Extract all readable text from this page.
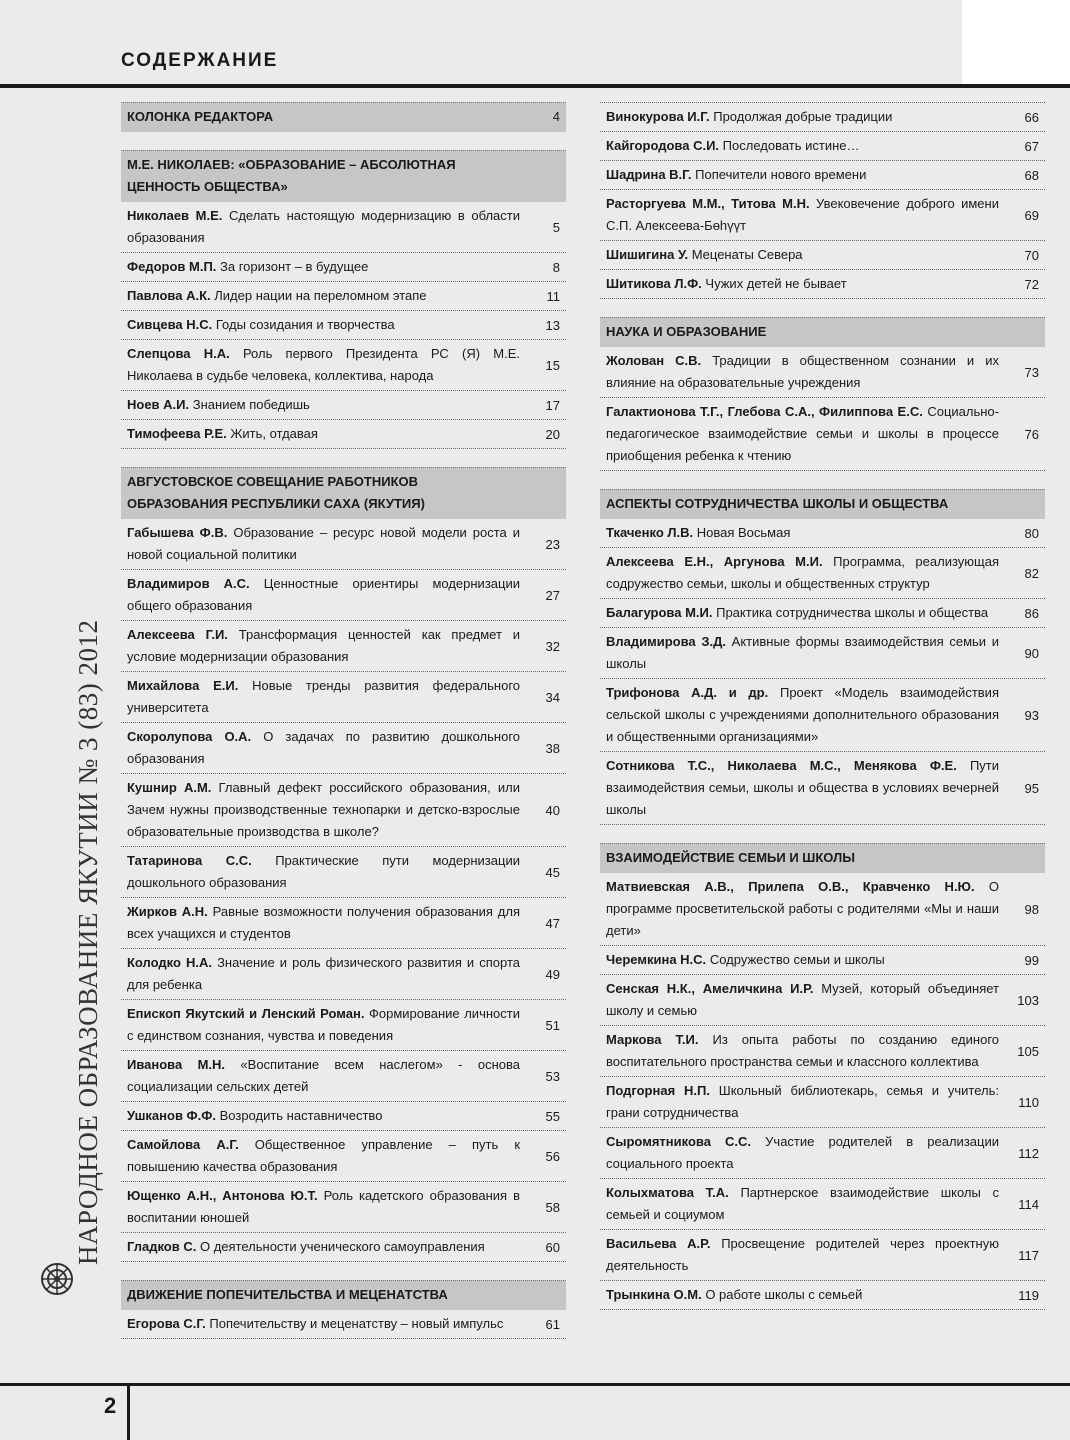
СОДЕРЖАНИЕ
НАРОДНОЕ ОБРАЗОВАНИЕ ЯКУТИИ № 3 (83) 2012
КОЛОНКА РЕДАКТОРА	4
М.Е. НИКОЛАЕВ: «ОБРАЗОВАНИЕ – АБСОЛЮТНАЯ ЦЕННОСТЬ ОБЩЕСТВА»
Николаев М.Е. Сделать настоящую модернизацию в области образования
5
Федоров М.П. За горизонт – в будущее	8
Павлова А.К. Лидер нации на переломном этапе	11
Сивцева Н.С. Годы созидания и творчества	13
Слепцова Н.А. Роль первого Президента РС (Я) М.Е. Николаева в судьбе человека, коллектива, народа
15
Ноев А.И. Знанием победишь	17
Тимофеева Р.Е. Жить, отдавая	20
АВГУСТОВСКОЕ СОВЕЩАНИЕ РАБОТНИКОВ ОБРАЗОВАНИЯ РЕСПУБЛИКИ САХА (ЯКУТИЯ)
Габышева Ф.В. Образование – ресурс новой модели роста и новой социальной политики
23
Владимиров А.С. Ценностные ориентиры модернизации общего образования
27
Алексеева Г.И. Трансформация ценностей как предмет и условие модернизации образования
32
Михайлова Е.И. Новые тренды развития федерального университета
34
Скоролупова О.А. О задачах по развитию дошкольного образования
38
Кушнир А.М. Главный дефект российского образования, или Зачем нужны производственные технопарки и детско-взрослые образовательные производства в школе?
40
Татаринова С.С. Практические пути модернизации дошкольного образования
45
Жирков А.Н. Равные возможности получения образования для всех учащихся и студентов
47
Колодко Н.А. Значение и роль физического развития и спорта для ребенка
49
Епископ Якутский и Ленский Роман. Формирование личности с единством сознания, чувства и поведения
51
Иванова М.Н. «Воспитание всем наслегом» - основа социализации сельских детей
53
Ушканов Ф.Ф. Возродить наставничество	55
Самойлова А.Г. Общественное управление – путь к повышению качества образования
56
Ющенко А.Н., Антонова Ю.Т. Роль кадетского образования в воспитании юношей
58
Гладков С. О деятельности ученического самоуправления	60
ДВИЖЕНИЕ ПОПЕЧИТЕЛЬСТВА И МЕЦЕНАТСТВА
Егорова С.Г. Попечительству и меценатству – новый импульс	61
Винокурова И.Г. Продолжая добрые традиции	66
Кайгородова С.И. Последовать истине…	67
Шадрина В.Г. Попечители нового времени	68
Расторгуева М.М., Титова М.Н. Увековечение доброго имени С.П. Алексеева-Бөһүүт
69
Шишигина У. Меценаты Севера	70
Шитикова Л.Ф. Чужих детей не бывает	72
НАУКА И ОБРАЗОВАНИЕ
Жолован С.В. Традиции в общественном сознании и их влияние на образовательные учреждения
73
Галактионова Т.Г., Глебова С.А., Филиппова Е.С. Социально-педагогическое взаимодействие семьи и школы в процессе приобщения ребенка к чтению
76
АСПЕКТЫ СОТРУДНИЧЕСТВА ШКОЛЫ И ОБЩЕСТВА
Ткаченко Л.В. Новая Восьмая	80
Алексеева Е.Н., Аргунова М.И. Программа, реализующая содружество семьи, школы и общественных структур
82
Балагурова М.И. Практика сотрудничества школы и общества	86
Владимирова З.Д. Активные формы взаимодействия семьи и школы
90
Трифонова А.Д. и др. Проект «Модель взаимодействия сельской школы с учреждениями дополнительного образования и общественными организациями»
93
Сотникова Т.С., Николаева М.С., Менякова Ф.Е. Пути взаимодействия семьи, школы и общества в условиях вечерней школы
95
ВЗАИМОДЕЙСТВИЕ СЕМЬИ И ШКОЛЫ
Матвиевская А.В., Прилепа О.В., Кравченко Н.Ю. О программе просветительской работы с родителями «Мы и наши дети»
98
Черемкина Н.С. Содружество семьи и школы	99
Сенская Н.К., Амеличкина И.Р. Музей, который объединяет школу и семью
103
Маркова Т.И. Из опыта работы по созданию единого воспитательного пространства семьи и классного коллектива
105
Подгорная Н.П. Школьный библиотекарь, семья и учитель: грани сотрудничества
110
Сыромятникова С.С. Участие родителей в реализации социального проекта
112
Колыхматова Т.А. Партнерское взаимодействие школы с семьей и социумом
114
Васильева А.Р. Просвещение родителей через проектную деятельность
117
Трынкина О.М. О работе школы с семьей	119
2
